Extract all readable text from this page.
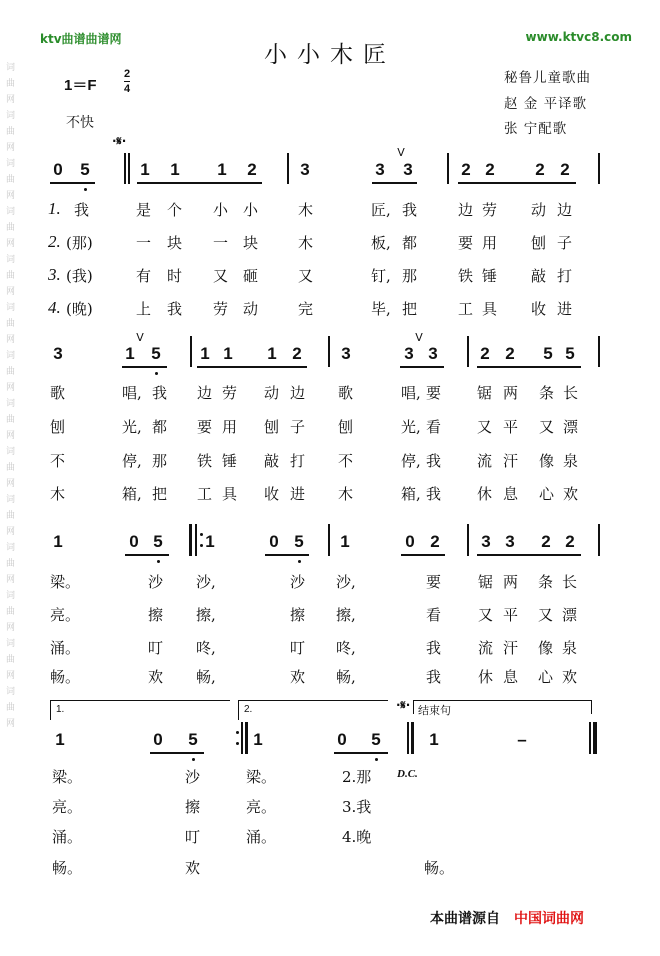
词曲网词曲网词曲网词曲网词曲网词曲网词曲网词曲网词曲网词曲网词曲网词曲网词曲网词曲网
ktv曲谱曲谱网	www.ktvc8.com
小小木匠
1＝F
2
4
不快
秘鲁儿童歌曲
赵 金 平译歌
张 宁配歌
·𝄋·
0 5	1 1 1 2	3	3 3	2 2 2 2
V
1. 我	是 个 小 小	木	匠, 我	边 劳 动 边
2. (那)	一 块 一 块	木	板, 都	要 用 刨 子
3. (我)	有 时 又 砸	又	钉, 那	铁 锤 敲 打
4. (晚)	上 我 劳 动	完	毕, 把	工 具 收 进
3	1 5 1 1 1 2 3	3 3	2 2 5 5
V	V
歌	唱, 我 边 劳 动 边 歌	唱, 要 锯 两 条 长
刨	光, 都 要 用 刨 子 刨	光, 看 又 平 又 漂
不	停, 那 铁 锤 敲 打 不	停, 我 流 汗 像 泉
木	箱, 把 工 具 收 进 木	箱, 我 休 息 心 欢
1	0 5	1	0 5 1	0 2 3 3 2 2
梁。	沙 沙,	沙 沙,	要 锯 两 条 长
亮。	擦 擦,	擦 擦,	看 又 平 又 漂
涌。	叮 咚,	叮 咚,	我 流 汗 像 泉
畅。	欢 畅,	欢 畅,	我 休 息 心 欢
1.	2.	·𝄋· 结束句
1	0 5	1	0 5	1	–
D.C.
梁。	沙	梁。	2.那
亮。	擦	亮。	3.我
涌。	叮	涌。	4.晚
畅。	欢	畅。
本曲谱源自 中国词曲网
